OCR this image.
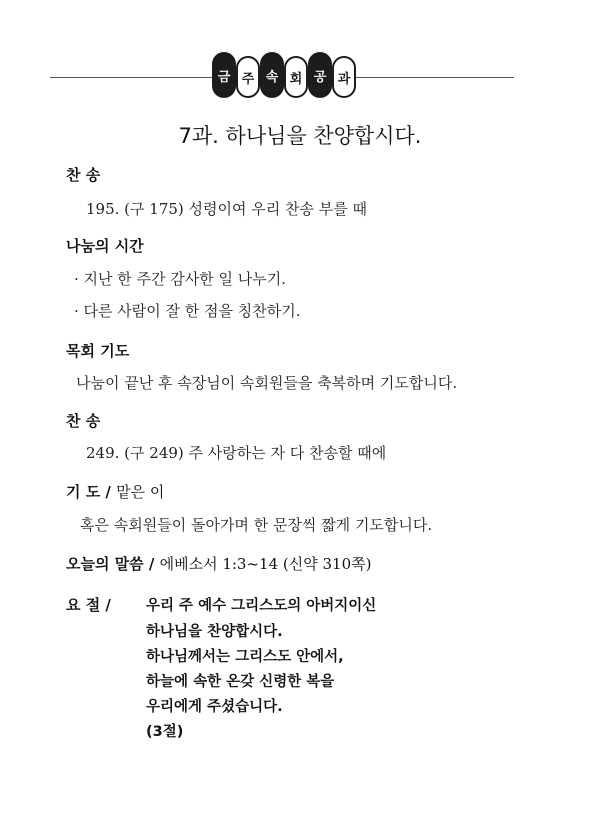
금 주 속 회 공 과
7과. 하나님을 찬양합시다.
찬 송
195. (구 175) 성령이여 우리 찬송 부를 때
나눔의 시간
· 지난 한 주간 감사한 일 나누기.
· 다른 사람이 잘 한 점을 칭찬하기.
목회 기도
나눔이 끝난 후 속장님이 속회원들을 축복하며 기도합니다.
찬 송
249. (구 249) 주 사랑하는 자 다 찬송할 때에
기 도 / 맡은 이
혹은 속회원들이 돌아가며 한 문장씩 짧게 기도합니다.
오늘의 말씀 / 에베소서 1:3~14 (신약 310쪽)
요 절 / 우리 주 예수 그리스도의 아버지이신
하나님을 찬양합시다.
하나님께서는 그리스도 안에서,
하늘에 속한 온갖 신령한 복을
우리에게 주셨습니다.
(3절)
